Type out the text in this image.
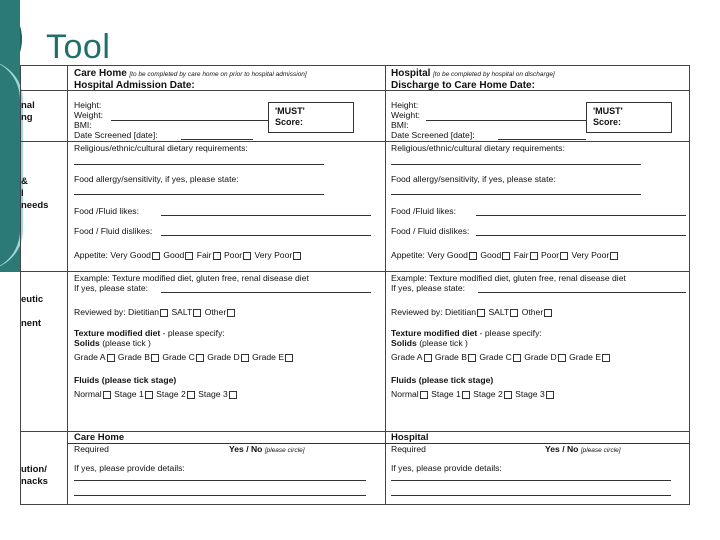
Tool
nal
ng
&
l
needs
eutic
nent
ution/
nacks
Care Home [to be completed by care home on prior to hospital admission]
Hospital Admission Date:
Height:
Weight:
BMI:
Date Screened [date]:
'MUST'
Score:
Religious/ethnic/cultural dietary requirements:
Food allergy/sensitivity, if yes, please state:
Food /Fluid likes:
Food / Fluid dislikes:
Appetite: Very Good Good Fair Poor Very Poor
Example: Texture modified diet, gluten free, renal disease diet
If yes, please state:
Reviewed by: Dietitian SALT Other
Texture modified diet - please specify:
Solids (please tick )
Grade A Grade B Grade C Grade D Grade E
Fluids (please tick stage)
Normal Stage 1 Stage 2 Stage 3
Care Home
Required	Yes / No [please circle]
If yes, please provide details:
Hospital [to be completed by hospital on discharge]
Discharge to Care Home Date:
Height:
Weight:
BMI:
Date Screened [date]:
'MUST'
Score:
Religious/ethnic/cultural dietary requirements:
Food allergy/sensitivity, if yes, please state:
Food /Fluid likes:
Food / Fluid dislikes:
Appetite: Very Good Good Fair Poor Very Poor
Example: Texture modified diet, gluten free, renal disease diet
If yes, please state:
Reviewed by: Dietitian SALT Other
Texture modified diet - please specify:
Solids (please tick )
Grade A Grade B Grade C Grade D Grade E
Fluids (please tick stage)
Normal Stage 1 Stage 2 Stage 3
Hospital
Required	Yes / No [please circle]
If yes, please provide details:
